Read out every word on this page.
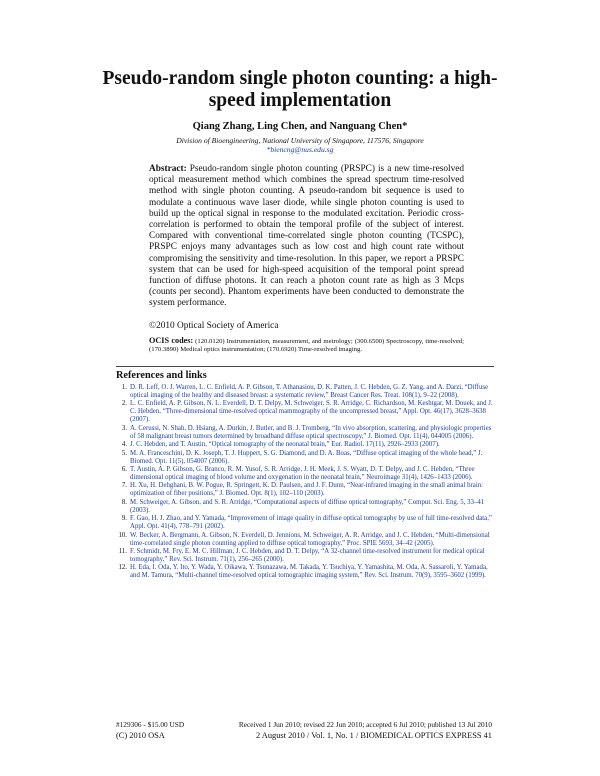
Pseudo-random single photon counting: a high-speed implementation
Qiang Zhang, Ling Chen, and Nanguang Chen*
Division of Bioengineering, National University of Singapore, 117576, Singapore
*biencng@nus.edu.sg
Abstract: Pseudo-random single photon counting (PRSPC) is a new time-resolved optical measurement method which combines the spread spectrum time-resolved method with single photon counting. A pseudo-random bit sequence is used to modulate a continuous wave laser diode, while single photon counting is used to build up the optical signal in response to the modulated excitation. Periodic cross-correlation is performed to obtain the temporal profile of the subject of interest. Compared with conventional time-correlated single photon counting (TCSPC), PRSPC enjoys many advantages such as low cost and high count rate without compromising the sensitivity and time-resolution. In this paper, we report a PRSPC system that can be used for high-speed acquisition of the temporal point spread function of diffuse photons. It can reach a photon count rate as high as 3 Mcps (counts per second). Phantom experiments have been conducted to demonstrate the system performance.
©2010 Optical Society of America
OCIS codes: (120.0120) Instrumentation, measurement, and metrology; (300.6500) Spectroscopy, time-resolved; (170.3890) Medical optics instrumentation; (170.6920) Time-resolved imaging.
References and links
1. D. R. Leff, O. J. Warren, L. C. Enfield, A. P. Gibson, T. Athanasiou, D. K. Patten, J. C. Hebden, G. Z. Yang, and A. Darzi, “Diffuse optical imaging of the healthy and diseased breast: a systematic review,” Breast Cancer Res. Treat. 108(1), 9–22 (2008).
2. L. C. Enfield, A. P. Gibson, N. L. Everdell, D. T. Delpy, M. Schweiger, S. R. Arridge, C. Richardson, M. Keshtgar, M. Douek, and J. C. Hebden, “Three-dimensional time-resolved optical mammography of the uncompressed breast,” Appl. Opt. 46(17), 3628–3638 (2007).
3. A. Cerussi, N. Shah, D. Hsiang, A. Durkin, J. Butler, and B. J. Tromberg, “In vivo absorption, scattering, and physiologic properties of 58 malignant breast tumors determined by broadband diffuse optical spectroscopy,” J. Biomed. Opt. 11(4), 044005 (2006).
4. J. C. Hebden, and T. Austin, “Optical tomography of the neonatal brain,” Eur. Radiol. 17(11), 2926–2933 (2007).
5. M. A. Franceschini, D. K. Joseph, T. J. Huppert, S. G. Diamond, and D. A. Boas, “Diffuse optical imaging of the whole head,” J. Biomed. Opt. 11(5), 054007 (2006).
6. T. Austin, A. P. Gibson, G. Branco, R. M. Yusof, S. R. Arridge, J. H. Meek, J. S. Wyatt, D. T. Delpy, and J. C. Hebden, “Three dimensional optical imaging of blood volume and oxygenation in the neonatal brain,” Neuroimage 31(4), 1426–1433 (2006).
7. H. Xu, H. Dehghani, B. W. Pogue, R. Springett, K. D. Paulsen, and J. F. Dunn, “Near-infrared imaging in the small animal brain: optimization of fiber positions,” J. Biomed. Opt. 8(1), 102–110 (2003).
8. M. Schweiger, A. Gibson, and S. R. Arridge, “Computational aspects of diffuse optical tomography,” Comput. Sci. Eng. 5, 33–41 (2003).
9. F. Gao, H. J. Zhao, and Y. Yamada, “Improvement of image quality in diffuse optical tomography by use of full time-resolved data,” Appl. Opt. 41(4), 778–791 (2002).
10. W. Becker, A. Bergmann, A. Gibson, N. Everdell, D. Jennions, M. Schweiger, A. R. Arridge, and J. C. Hebden, “Multi-dimensional time-correlated single photon counting applied to diffuse optical tomography,” Proc. SPIE 5693, 34–42 (2005).
11. F. Schmidt, M. Fry, E. M. C. Hillman, J. C. Hebden, and D. T. Delpy, “A 32-channel time-resolved instrument for medical optical tomography,” Rev. Sci. Instrum. 71(1), 256–265 (2000).
12. H. Eda, I. Oda, Y. Ito, Y. Wada, Y. Oikawa, Y. Tsunazawa, M. Takada, Y. Tsuchiya, Y. Yamashita, M. Oda, A. Sassaroli, Y. Yamada, and M. Tamura, “Multi-channel time-resolved optical tomographic imaging system,” Rev. Sci. Instrum. 70(9), 3595–3602 (1999).
#129306 - $15.00 USD	Received 1 Jun 2010; revised 22 Jun 2010; accepted 6 Jul 2010; published 13 Jul 2010
(C) 2010 OSA	2 August 2010 / Vol. 1, No. 1 / BIOMEDICAL OPTICS EXPRESS 41
